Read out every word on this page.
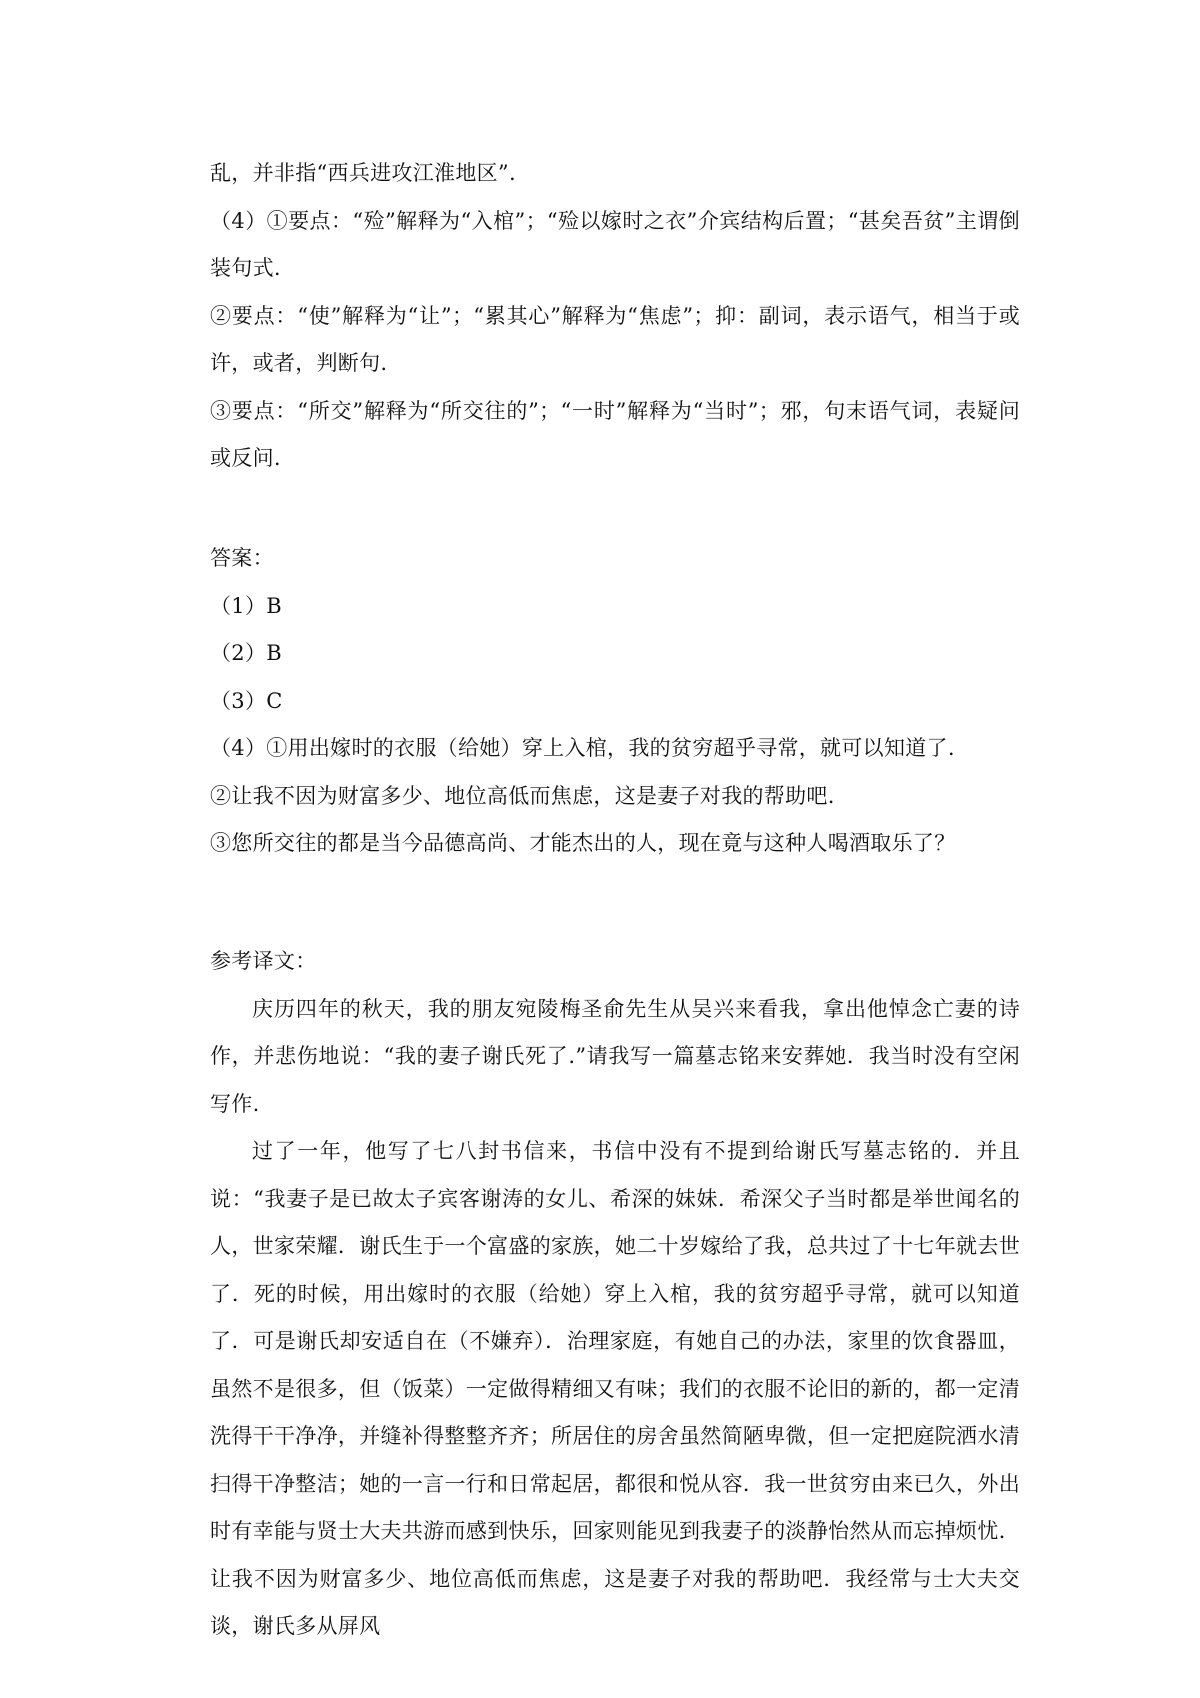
乱，并非指“西兵进攻江淮地区”.

（4）①要点：“殓”解释为“入棺”；“殓以嫁时之衣”介宾结构后置；“甚矣吾贫”主谓倒装句式.

②要点：“使”解释为“让”；“累其心”解释为“焦虑”；抑：副词，表示语气，相当于或许，或者，判断句.

③要点：“所交”解释为“所交往的”；“一时”解释为“当时”；邪，句末语气词，表疑问或反问.

答案：

（1）B

（2）B

（3）C

（4）①用出嫁时的衣服（给她）穿上入棺，我的贫穷超乎寻常，就可以知道了.

②让我不因为财富多少、地位高低而焦虑，这是妻子对我的帮助吧.

③您所交往的都是当今品德高尚、才能杰出的人，现在竟与这种人喝酒取乐了？

参考译文：

庆历四年的秋天，我的朋友宛陵梅圣俞先生从吴兴来看我，拿出他悼念亡妻的诗作，并悲伤地说：“我的妻子谢氏死了.”请我写一篇墓志铭来安葬她．我当时没有空闲写作.

过了一年，他写了七八封书信来，书信中没有不提到给谢氏写墓志铭的．并且说：“我妻子是已故太子宾客谢涛的女儿、希深的妹妹．希深父子当时都是举世闻名的人，世家荣耀．谢氏生于一个富盛的家族，她二十岁嫁给了我，总共过了十七年就去世了．死的时候，用出嫁时的衣服（给她）穿上入棺，我的贫穷超乎寻常，就可以知道了．可是谢氏却安适自在（不嫌弃）．治理家庭，有她自己的办法，家里的饮食器皿，虽然不是很多，但（饭菜）一定做得精细又有味；我们的衣服不论旧的新的，都一定清洗得干干净净，并缝补得整整齐齐；所居住的房舍虽然简陋卑微，但一定把庭院洒水清扫得干净整洁；她的一言一行和日常起居，都很和悦从容．我一世贫穷由来已久，外出时有幸能与贤士大夫共游而感到快乐，回家则能见到我妻子的淡静怡然从而忘掉烦忧．让我不因为财富多少、地位高低而焦虑，这是妻子对我的帮助吧．我经常与士大夫交谈，谢氏多从屏风
